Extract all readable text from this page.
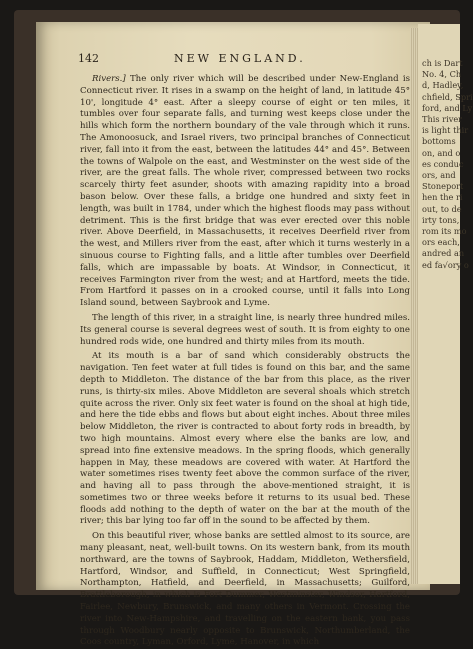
ch is Dart
No. 4, Ch
d, Hadley,
chfield, Spri
ford, and Ly
This river
is light thir
bottoms
on, and o
es conduc
ors, and
Stoneport
hen the ri
out, to de
irty tons,
rom its mo
ors each,
andred an
ed fa√ory o
142	NEW ENGLAND.

Rivers.] The only river which will be described under New-England is Connecticut river. It rises in a swamp on the height of land, in latitude 45° 10', longitude 4° east. After a sleepy course of eight or ten miles, it tumbles over four separate falls, and turning west keeps close under the hills which form the northern boundary of the vale through which it runs. The Amonoosuck, and Israel rivers, two principal branches of Connecticut river, fall into it from the east, between the latitudes 44° and 45°. Between the towns of Walpole on the east, and Westminster on the west side of the river, are the great falls. The whole river, compressed between two rocks scarcely thirty feet asunder, shoots with amazing rapidity into a broad bason below. Over these falls, a bridge one hundred and sixty feet in length, was built in 1784, under which the highest floods may pass without detriment. This is the first bridge that was ever erected over this noble river. Above Deerfield, in Massachusetts, it receives Deerfield river from the west, and Millers river from the east, after which it turns westerly in a sinuous course to Fighting falls, and a little after tumbles over Deerfield falls, which are impassable by boats. At Windsor, in Connecticut, it receives Farmington river from the west; and at Hartford, meets the tide. From Hartford it passes on in a crooked course, until it falls into Long Island sound, between Saybrook and Lyme.

The length of this river, in a straight line, is nearly three hundred miles. Its general course is several degrees west of south. It is from eighty to one hundred rods wide, one hundred and thirty miles from its mouth.

At its mouth is a bar of sand which considerably obstructs the navigation. Ten feet water at full tides is found on this bar, and the same depth to Middleton. The distance of the bar from this place, as the river runs, is thirty-six miles. Above Middleton are several shoals which stretch quite across the river. Only six feet water is found on the shoal at high tide, and here the tide ebbs and flows but about eight inches. About three miles below Middleton, the river is contracted to about forty rods in breadth, by two high mountains. Almost every where else the banks are low, and spread into fine extensive meadows. In the spring floods, which generally happen in May, these meadows are covered with water. At Hartford the water sometimes rises twenty feet above the common surface of the river, and having all to pass through the above-mentioned straight, it is sometimes two or three weeks before it returns to its usual bed. These floods add nothing to the depth of water on the bar at the mouth of the river; this bar lying too far off in the sound to be affected by them.

On this beautiful river, whose banks are settled almost to its source, are many pleasant, neat, well-built towns. On its western bank, from its mouth northward, are the towns of Saybrook, Haddam, Middleton, Wethersfield, Hartford, Windsor, and Suffield, in Connecticut; West Springfield, Northampton, Hatfield, and Deerfield, in Massachusetts; Guilford, Brattleborough, in which is Fort Dummer, Westminster, Windsor, Hartford, Fairlee, Newbury, Brunswick, and many others in Vermont. Crossing the river into New-Hampshire, and travelling on the eastern bank, you pass through Woodbury nearly opposite to Brunswick, Northumberland, the Coos country, Lyman, Orford, Lyme, Hanover, in which
